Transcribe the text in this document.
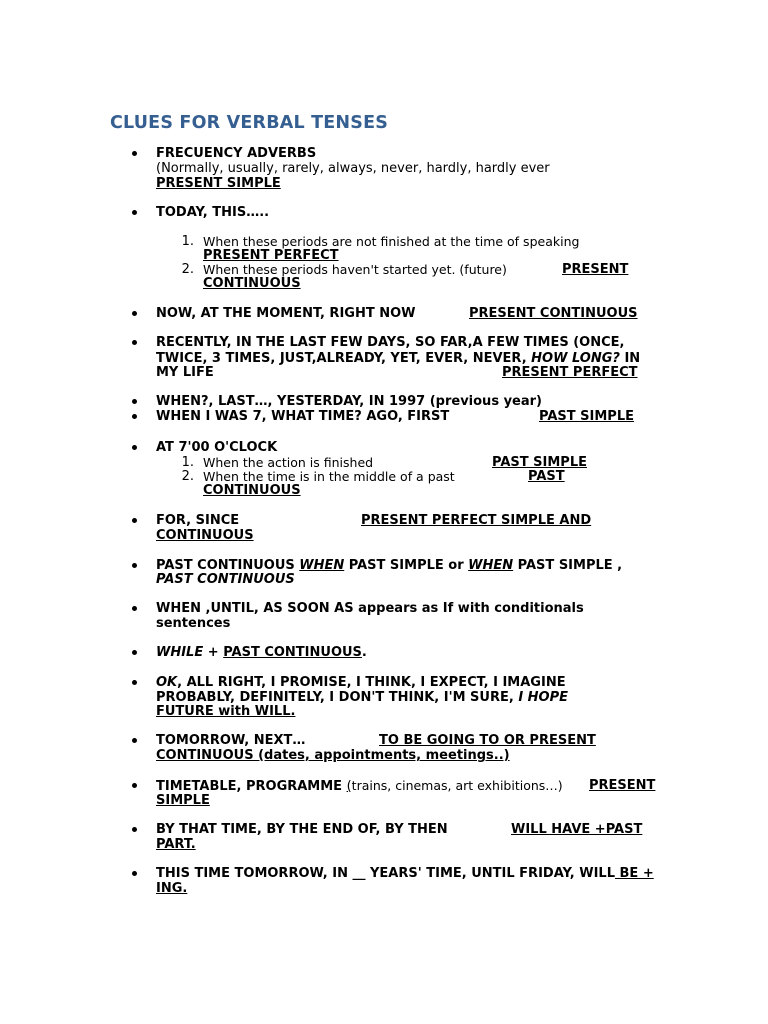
CLUES FOR VERBAL TENSES
FRECUENCY ADVERBS
(Normally, usually, rarely, always, never, hardly, hardly ever
PRESENT SIMPLE
TODAY, THIS…..
1. When these periods are not finished at the time of speaking
PRESENT PERFECT
2. When these periods haven't started yet. (future)	PRESENT
CONTINUOUS
NOW, AT THE MOMENT, RIGHT NOW	PRESENT CONTINUOUS
RECENTLY, IN THE LAST FEW DAYS, SO FAR,A FEW TIMES (ONCE,
TWICE, 3 TIMES, JUST,ALREADY, YET, EVER, NEVER, HOW LONG? IN
MY LIFE	PRESENT PERFECT
WHEN?, LAST…, YESTERDAY, IN 1997 (previous year)
WHEN I WAS 7, WHAT TIME? AGO, FIRST	PAST SIMPLE
AT 7'00 O'CLOCK
1. When the action is finished	PAST SIMPLE
2. When the time is in the middle of a past	PAST
CONTINUOUS
FOR, SINCE	PRESENT PERFECT SIMPLE AND
CONTINUOUS
PAST CONTINUOUS WHEN PAST SIMPLE or WHEN PAST SIMPLE ,
PAST CONTINUOUS
WHEN ,UNTIL, AS SOON AS appears as If with conditionals
sentences
WHILE + PAST CONTINUOUS.
OK, ALL RIGHT, I PROMISE, I THINK, I EXPECT, I IMAGINE
PROBABLY, DEFINITELY, I DON'T THINK, I'M SURE, I HOPE
FUTURE with WILL.
TOMORROW, NEXT…	TO BE GOING TO OR PRESENT
CONTINUOUS (dates, appointments, meetings..)
TIMETABLE, PROGRAMME (trains, cinemas, art exhibitions…) PRESENT
SIMPLE
BY THAT TIME, BY THE END OF, BY THEN	WILL HAVE +PAST
PART.
THIS TIME TOMORROW, IN __ YEARS' TIME, UNTIL FRIDAY, WILL BE +
ING.
